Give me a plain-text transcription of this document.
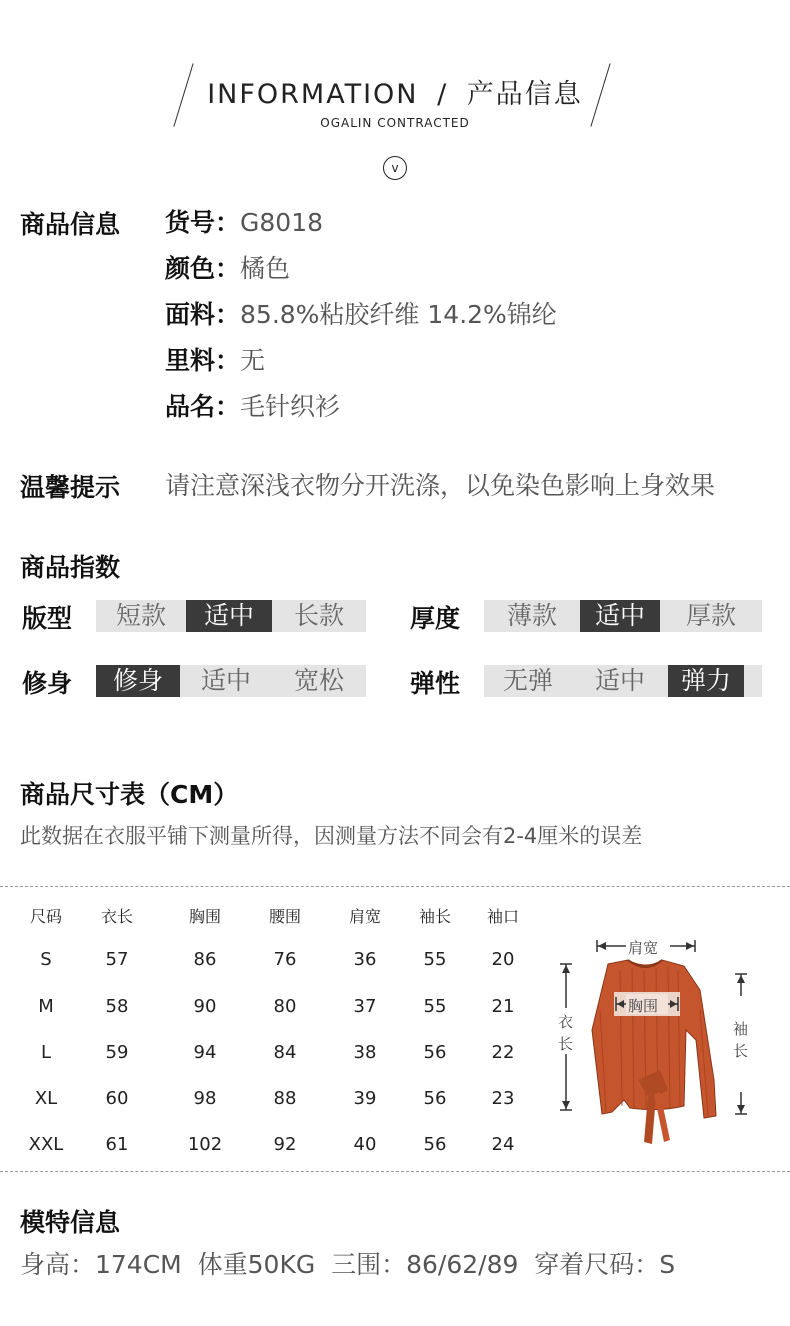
INFORMATION / 产品信息
OGALIN CONTRACTED
v
商品信息 货号：G8018
颜色：橘色
面料：85.8%粘胶纤维 14.2%锦纶
里料：无
品名：毛针织衫
温馨提示 请注意深浅衣物分开洗涤，以免染色影响上身效果
商品指数
版型	短款	适中	长款	厚度	薄款	适中	厚款
修身	修身	适中	宽松	弹性	无弹	适中	弹力
商品尺寸表（CM）
此数据在衣服平铺下测量所得，因测量方法不同会有2-4厘米的误差
尺码	衣长	胸围	腰围	肩宽	袖长	袖口
S	57	86	76	36	55	20
M	58	90	80	37	55	21
L	59	94	84	38	56	22
XL	60	98	88	39	56	23
XXL	61	102	92	40	56	24
肩宽
胸围
衣
长
袖
长
模特信息
身高：174CM  体重50KG  三围：86/62/89  穿着尺码：S
